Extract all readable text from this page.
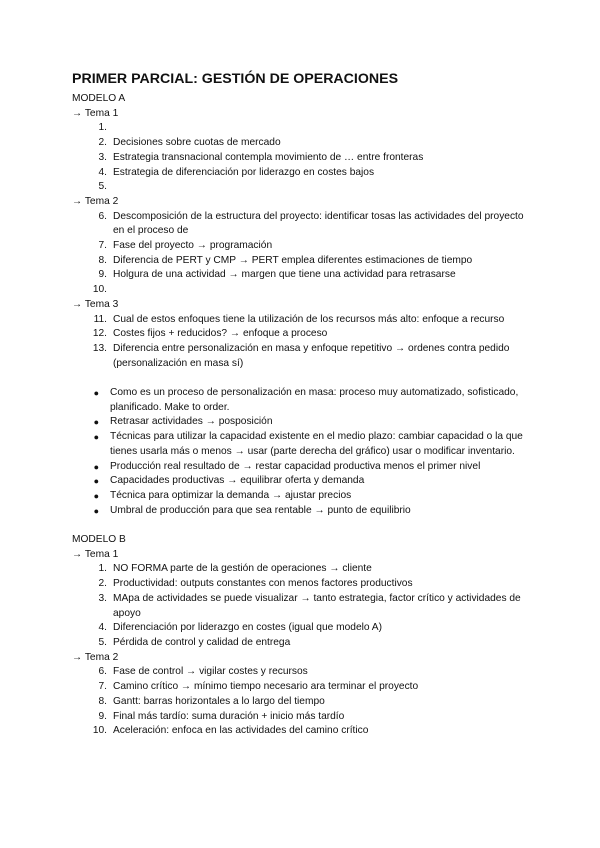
PRIMER PARCIAL: GESTIÓN DE OPERACIONES
MODELO A
→ Tema 1
1.
2. Decisiones sobre cuotas de mercado
3. Estrategia transnacional contempla movimiento de … entre fronteras
4. Estrategia de diferenciación por liderazgo en costes bajos
5.
→ Tema 2
6. Descomposición de la estructura del proyecto: identificar tosas las actividades del proyecto en el proceso de
7. Fase del proyecto → programación
8. Diferencia de PERT y CMP → PERT emplea diferentes estimaciones de tiempo
9. Holgura de una actividad → margen que tiene una actividad para retrasarse
10.
→ Tema 3
11. Cual de estos enfoques tiene la utilización de los recursos más alto: enfoque a recurso
12. Costes fijos + reducidos? → enfoque a proceso
13. Diferencia entre personalización en masa y enfoque repetitivo → ordenes contra pedido (personalización en masa sí)
●	Como es un proceso de personalización en masa: proceso muy automatizado, sofisticado, planificado. Make to order.
●	Retrasar actividades → posposición
●	Técnicas para utilizar la capacidad existente en el medio plazo: cambiar capacidad o la que tienes usarla más o menos → usar (parte derecha del gráfico) usar o modificar inventario.
●	Producción real resultado de → restar capacidad productiva menos el primer nivel
●	Capacidades productivas → equilibrar oferta y demanda
●	Técnica para optimizar la demanda → ajustar precios
●	Umbral de producción para que sea rentable → punto de equilibrio
MODELO B
→ Tema 1
1. NO FORMA parte de la gestión de operaciones → cliente
2. Productividad: outputs constantes con menos factores productivos
3. MApa de actividades se puede visualizar → tanto estrategia, factor crítico y actividades de apoyo
4. Diferenciación por liderazgo en costes (igual que modelo A)
5. Pérdida de control y calidad de entrega
→ Tema 2
6. Fase de control → vigilar costes y recursos
7. Camino crítico → mínimo tiempo necesario ara terminar el proyecto
8. Gantt: barras horizontales a lo largo del tiempo
9. Final más tardío: suma duración + inicio más tardío
10. Aceleración: enfoca en las actividades del camino crítico
